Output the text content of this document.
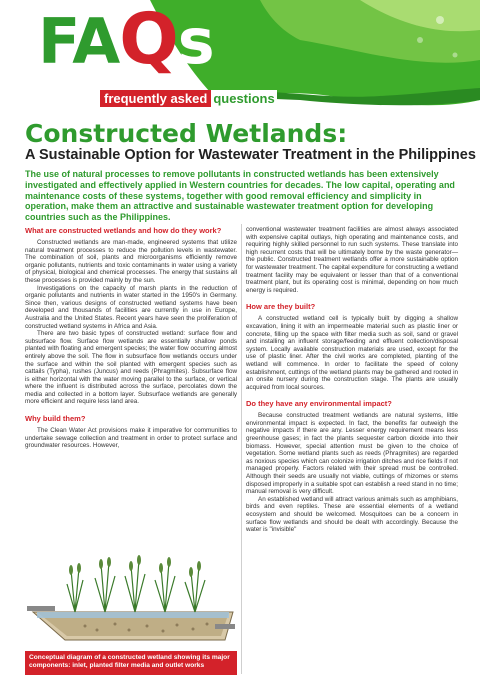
FAQs
frequently asked questions
Constructed Wetlands:
A Sustainable Option for Wastewater Treatment in the Philippines

The use of natural processes to remove pollutants in constructed wetlands has been extensively investigated and effectively applied in Western countries for decades. The low capital, operating and maintenance costs of these systems, together with good removal efficiency and simplicity in operation, make them an attractive and sustainable wastewater treatment option for developing countries such as the Philippines.

What are constructed wetlands and how do they work?

Constructed wetlands are man-made, engineered systems that utilize natural treatment processes to reduce the pollution levels in wastewater. The combination of soil, plants and microorganisms efficiently remove organic pollutants, nutrients and toxic contaminants in water using a variety of physical, biological and chemical processes. The energy that sustains all these processes is provided mainly by the sun.

Investigations on the capacity of marsh plants in the reduction of organic pollutants and nutrients in water started in the 1950's in Germany. Since then, various designs of constructed wetland systems have been developed and thousands of facilities are currently in use in Europe, Australia and the United States. Recent years have seen the proliferation of constructed wetland systems in Africa and Asia.

There are two basic types of constructed wetland: surface flow and subsurface flow. Surface flow wetlands are essentially shallow ponds planted with floating and emergent species; the water flow occurring almost entirely above the soil. The flow in subsurface flow wetlands occurs under the surface and within the soil planted with emergent species such as cattails (Typha), rushes (Juncus) and reeds (Phragmites). Subsurface flow is either horizontal with the water moving parallel to the surface, or vertical where the influent is distributed across the surface, percolates down the media and collected in a bottom layer. Subsurface wetlands are generally more efficient and require less land area.

Why build them?

The Clean Water Act provisions make it imperative for communities to undertake sewage collection and treatment in order to protect surface and groundwater resources. However,

Conceptual diagram of a constructed wetland showing its major components: inlet, planted filter media and outlet works

conventional wastewater treatment facilities are almost always associated with expensive capital outlays, high operating and maintenance costs, and requiring highly skilled personnel to run such systems. These translate into high recurrent costs that will be ultimately borne by the waste generator—the public. Constructed treatment wetlands offer a more sustainable option for wastewater treatment. The capital expenditure for constructing a wetland treatment facility may be equivalent or lesser than that of a conventional treatment plant, but its operating cost is minimal, depending on how much energy is required.

How are they built?

A constructed wetland cell is typically built by digging a shallow excavation, lining it with an impermeable material such as plastic liner or concrete, filling up the space with filter media such as soil, sand or gravel and installing an influent storage/feeding and effluent collection/disposal system. Locally available construction materials are used, except for the use of plastic liner. After the civil works are completed, planting of the wetland will commence. In order to facilitate the speed of colony establishment, cuttings of the wetland plants may be gathered and rooted in an onsite nursery during the construction stage. The plants are usually acquired from local sources.

Do they have any environmental impact?

Because constructed treatment wetlands are natural systems, little environmental impact is expected. In fact, the benefits far outweigh the negative impacts if there are any. Lesser energy requirement means less greenhouse gases; in fact the plants sequester carbon dioxide into their biomass. However, special attention must be given to the choice of vegetation. Some wetland plants such as reeds (Phragmites) are regarded as noxious species which can colonize irrigation ditches and rice fields if not managed properly. Factors related with their spread must be controlled. Although their seeds are usually not viable, cuttings of rhizomes or stems disposed improperly in a suitable spot can establish a reed stand in no time; manual removal is very difficult.

An established wetland will attract various animals such as amphibians, birds and even reptiles. These are essential elements of a wetland ecosystem and should be welcomed. Mosquitoes can be a concern in surface flow wetlands and should be dealt with accordingly. Because the water is "invisible"
